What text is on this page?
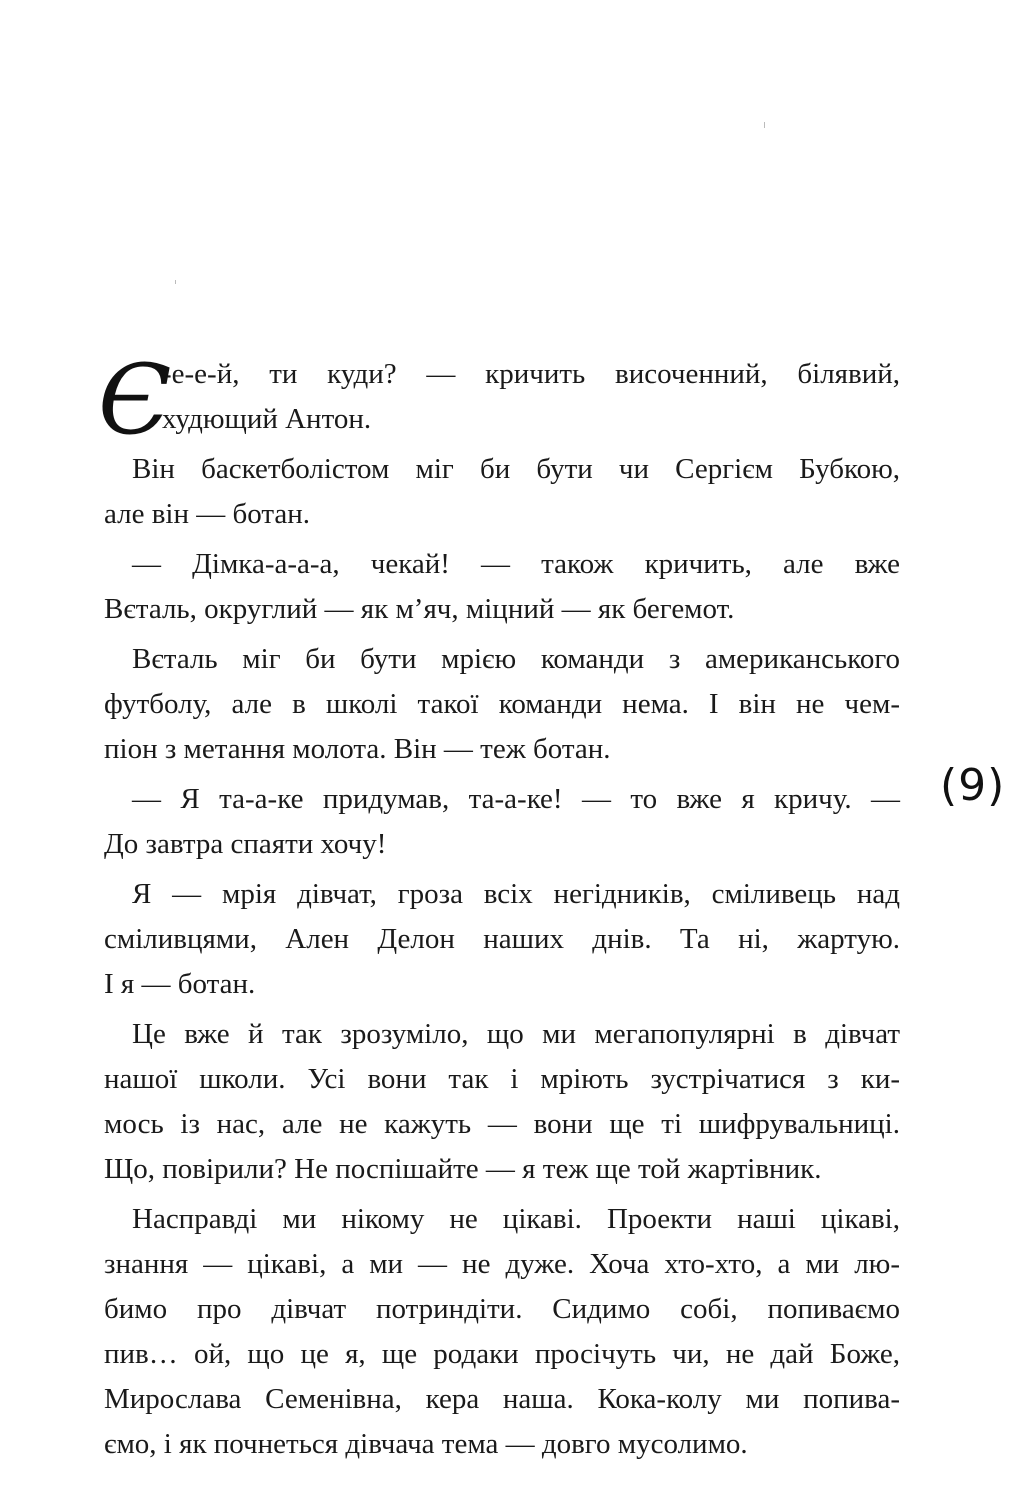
Є
-е-е-й, ти куди? — кричить височенний, білявий,
худющий Антон.
Він баскетболістом міг би бути чи Сергієм Бубкою,
але він — ботан.
— Дімка-а-а-а, чекай! — також кричить, але вже
Вєталь, округлий — як м’яч, міцний — як бегемот.
Вєталь міг би бути мрією команди з американського
футболу, але в школі такої команди нема. І він не чем-
піон з метання молота. Він — теж ботан.
— Я та-а-ке придумав, та-а-ке! — то вже я кричу. —
До завтра спаяти хочу!
Я — мрія дівчат, гроза всіх негідників, сміливець над
сміливцями, Ален Делон наших днів. Та ні, жартую.
І я — ботан.
Це вже й так зрозуміло, що ми мегапопулярні в дівчат
нашої школи. Усі вони так і мріють зустрічатися з ки-
мось із нас, але не кажуть — вони ще ті шифрувальниці.
Що, повірили? Не поспішайте — я теж ще той жартівник.
Насправді ми нікому не цікаві. Проекти наші цікаві,
знання — цікаві, а ми — не дуже. Хоча хто-хто, а ми лю-
бимо про дівчат потриндіти. Сидимо собі, попиваємо
пив… ой, що це я, ще родаки просічуть чи, не дай Боже,
Мирослава Семенівна, кера наша. Кока-колу ми попива-
ємо, і як почнеться дівчача тема — довго мусолимо.
(9)
